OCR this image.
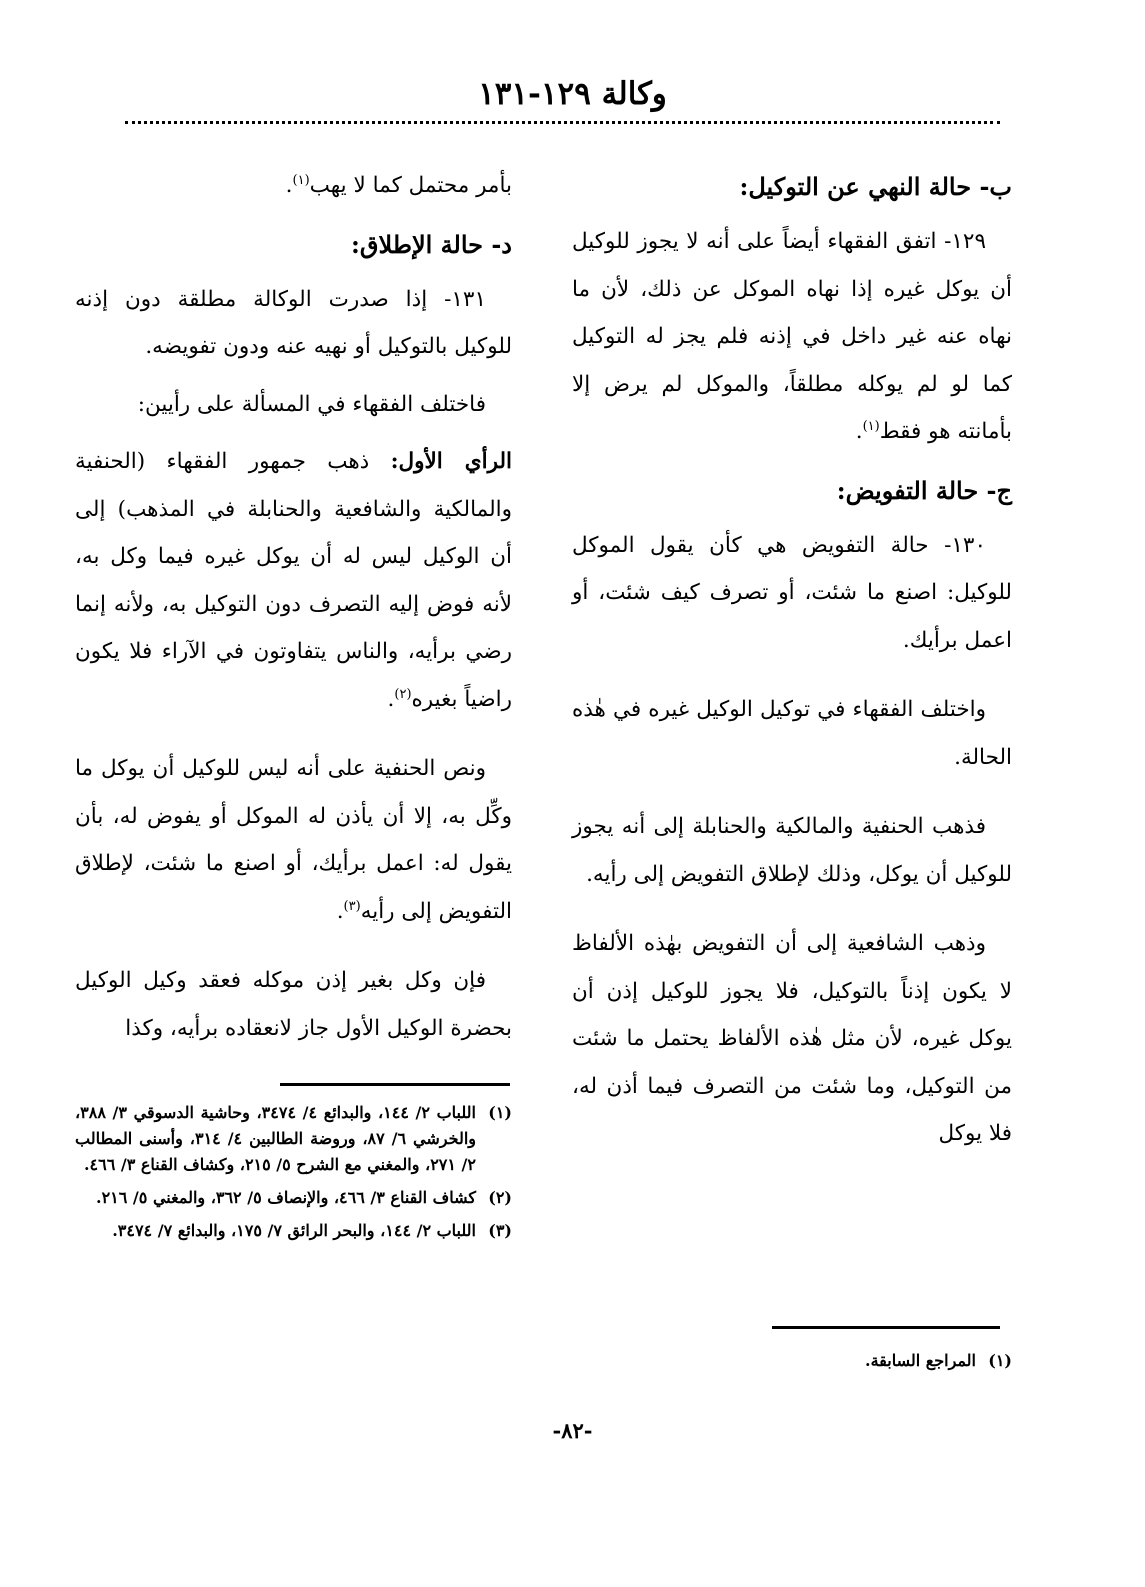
وكالة ١٢٩-١٣١
ب- حالة النهي عن التوكيل:

١٢٩- اتفق الفقهاء أيضاً على أنه لا يجوز للوكيل أن يوكل غيره إذا نهاه الموكل عن ذلك، لأن ما نهاه عنه غير داخل في إذنه فلم يجز له التوكيل كما لو لم يوكله مطلقاً، والموكل لم يرض إلا بأمانته هو فقط$^{(١)}$.

ج- حالة التفويض:

١٣٠- حالة التفويض هي كأن يقول الموكل للوكيل: اصنع ما شئت، أو تصرف كيف شئت، أو اعمل برأيك.

واختلف الفقهاء في توكيل الوكيل غيره في هٰذه الحالة.

فذهب الحنفية والمالكية والحنابلة إلى أنه يجوز للوكيل أن يوكل، وذلك لإطلاق التفويض إلى رأيه.

وذهب الشافعية إلى أن التفويض بهٰذه الألفاظ لا يكون إذناً بالتوكيل، فلا يجوز للوكيل إذن أن يوكل غيره، لأن مثل هٰذه الألفاظ يحتمل ما شئت من التوكيل، وما شئت من التصرف فيما أذن له، فلا يوكل

بأمر محتمل كما لا يهب$^{(١)}$.

د- حالة الإطلاق:

١٣١- إذا صدرت الوكالة مطلقة دون إذنه للوكيل بالتوكيل أو نهيه عنه ودون تفويضه.

فاختلف الفقهاء في المسألة على رأيين:

الرأي الأول: ذهب جمهور الفقهاء (الحنفية والمالكية والشافعية والحنابلة في المذهب) إلى أن الوكيل ليس له أن يوكل غيره فيما وكل به، لأنه فوض إليه التصرف دون التوكيل به، ولأنه إنما رضي برأيه، والناس يتفاوتون في الآراء فلا يكون راضياً بغيره$^{(٢)}$.

ونص الحنفية على أنه ليس للوكيل أن يوكل ما وكِّل به، إلا أن يأذن له الموكل أو يفوض له، بأن يقول له: اعمل برأيك، أو اصنع ما شئت، لإطلاق التفويض إلى رأيه$^{(٣)}$.

فإن وكل بغير إذن موكله فعقد وكيل الوكيل بحضرة الوكيل الأول جاز لانعقاده برأيه، وكذا

(١)
المراجع السابقة.
(١)
اللباب ٢/ ١٤٤، والبدائع ٤/ ٣٤٧٤، وحاشية الدسوقي ٣/ ٣٨٨، والخرشي ٦/ ٨٧، وروضة الطالبين ٤/ ٣١٤، وأسنى المطالب ٢/ ٢٧١، والمغني مع الشرح ٥/ ٢١٥، وكشاف القناع ٣/ ٤٦٦.
(٢)
كشاف القناع ٣/ ٤٦٦، والإنصاف ٥/ ٣٦٢، والمغني ٥/ ٢١٦.
(٣)
اللباب ٢/ ١٤٤، والبحر الرائق ٧/ ١٧٥، والبدائع ٧/ ٣٤٧٤.
-٨٢-
